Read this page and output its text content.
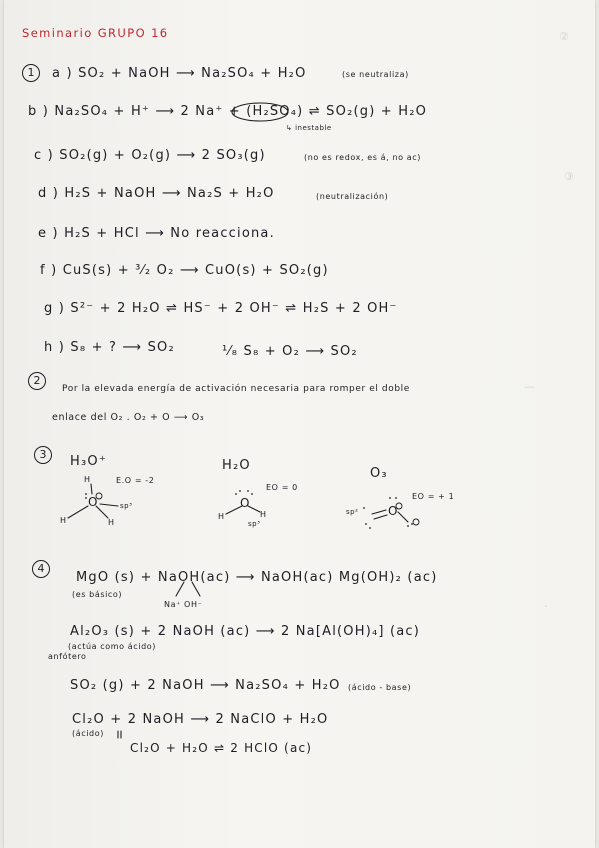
②
③
—
·
Seminario GRUPO 16
1	a ) SO₂ + NaOH ⟶ Na₂SO₄ + H₂O	(se neutraliza)
b ) Na₂SO₄ + H⁺ ⟶ 2 Na⁺ + (H₂SO₄) ⇌ SO₂(g) + H₂O
↳ inestable
c ) SO₂(g) + O₂(g) ⟶ 2 SO₃(g)	(no es redox, es á, no ac)
d ) H₂S + NaOH ⟶ Na₂S + H₂O	(neutralización)
e ) H₂S + HCl ⟶ No reacciona.
f ) CuS(s) + ³⁄₂ O₂ ⟶ CuO(s) + SO₂(g)
g ) S²⁻ + 2 H₂O ⇌ HS⁻ + 2 OH⁻ ⇌ H₂S + 2 OH⁻
h ) S₈ + ? ⟶ SO₂	¹⁄₈ S₈ + O₂ ⟶ SO₂
2
Por la elevada energía de activación necesaria para romper el doble
enlace del O₂ . O₂ + O ⟶ O₃
3	H₃O⁺
E.O = -2
H
O	sp³
H	H
H₂O
EO = 0
O
H	H
sp³
O₃
EO = + 1
sp² O
4
MgO (s) + NaOH(ac) ⟶ NaOH(ac) Mg(OH)₂ (ac)
(es básico)
Na⁺ OH⁻
Al₂O₃ (s) + 2 NaOH (ac) ⟶ 2 Na[Al(OH)₄] (ac)
(actúa como ácido)
anfótero
SO₂ (g) + 2 NaOH ⟶ Na₂SO₄ + H₂O (ácido - base)
Cl₂O + 2 NaOH ⟶ 2 NaClO + H₂O
(ácido)
Cl₂O + H₂O ⇌ 2 HClO (ac)
